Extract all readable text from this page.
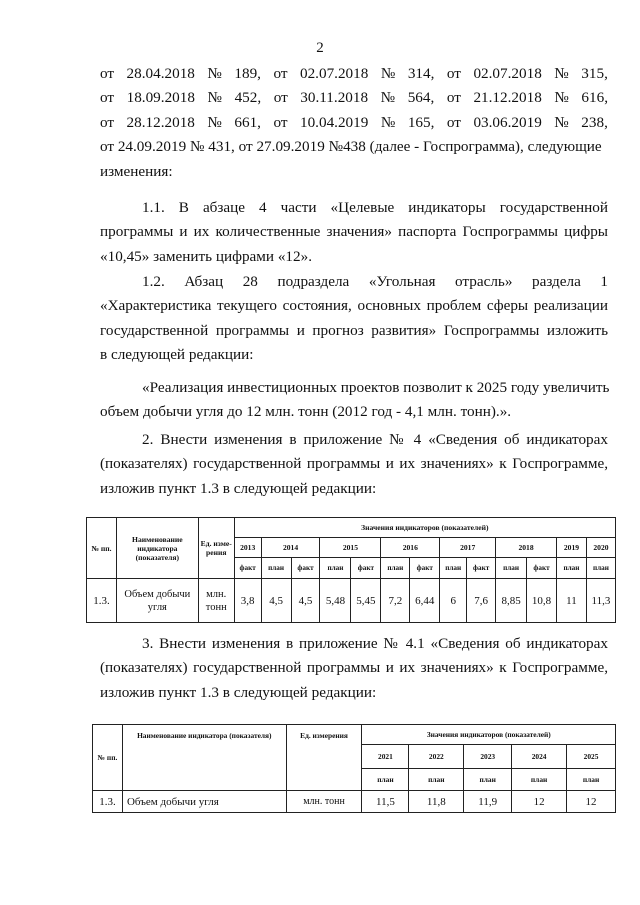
2
от 28.04.2018 № 189, от 02.07.2018 № 314, от 02.07.2018 № 315,
от 18.09.2018 № 452, от 30.11.2018 № 564, от 21.12.2018 № 616,
от 28.12.2018 № 661, от 10.04.2019 № 165, от 03.06.2019 № 238,
от 24.09.2019 № 431, от 27.09.2019 №438 (далее - Госпрограмма), следующие
изменения:
1.1. В абзаце 4 части «Целевые индикаторы государственной
программы и их количественные значения» паспорта Госпрограммы цифры
«10,45» заменить цифрами «12».
1.2. Абзац 28 подраздела «Угольная отрасль» раздела 1
«Характеристика текущего состояния, основных проблем сферы реализации
государственной программы и прогноз развития» Госпрограммы изложить
в следующей редакции:
«Реализация инвестиционных проектов позволит к 2025 году увеличить
объем добычи угля до 12 млн. тонн (2012 год - 4,1 млн. тонн).».
2. Внести изменения в приложение № 4 «Сведения об индикаторах
(показателях) государственной программы и их значениях» к Госпрограмме,
изложив пункт 1.3 в следующей редакции:
№ пп.	Наименование индикатора (показателя)	Ед. изме- рения	Значения индикаторов (показателей)												
			2013	2014		2015		2016		2017		2018		2019	2020
			факт	план	факт	план	факт	план	факт	план	факт	план	факт	план	план
1.3.	Объем добычи угля	млн. тонн	3,8	4,5	4,5	5,48	5,45	7,2	6,44	6	7,6	8,85	10,8	11	11,3
3. Внести изменения в приложение № 4.1 «Сведения об индикаторах
(показателях) государственной программы и их значениях» к Госпрограмме,
изложив пункт 1.3 в следующей редакции:
№ пп.	Наименование индикатора (показателя)	Ед. измерения	Значения индикаторов (показателей)				
			2021	2022	2023	2024	2025
			план	план	план	план	план
1.3.	Объем добычи угля	млн. тонн	11,5	11,8	11,9	12	12
